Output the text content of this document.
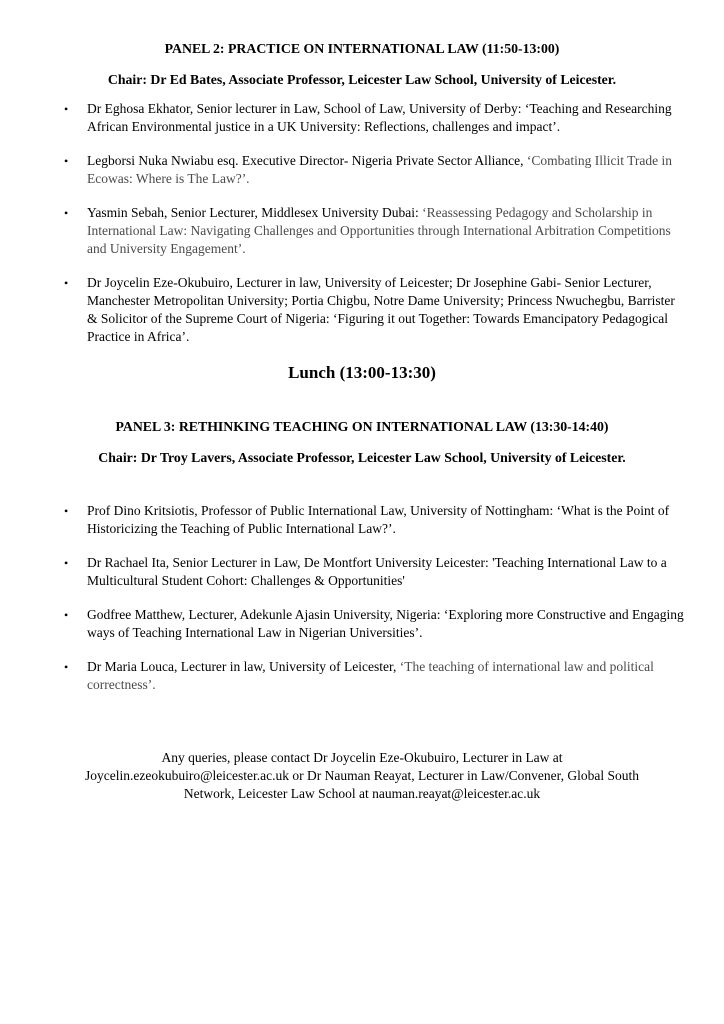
PANEL 2: PRACTICE ON INTERNATIONAL LAW (11:50-13:00)
Chair: Dr Ed Bates, Associate Professor, Leicester Law School, University of Leicester.
•	Dr Eghosa Ekhator, Senior lecturer in Law, School of Law, University of Derby: ‘Teaching and Researching African Environmental justice in a UK University: Reflections, challenges and impact’.
•	Legborsi Nuka Nwiabu esq. Executive Director- Nigeria Private Sector Alliance, ‘Combating Illicit Trade in Ecowas: Where is The Law?’.
•	Yasmin Sebah, Senior Lecturer, Middlesex University Dubai: ‘Reassessing Pedagogy and Scholarship in International Law: Navigating Challenges and Opportunities through International Arbitration Competitions and University Engagement’.
•	Dr Joycelin Eze-Okubuiro, Lecturer in law, University of Leicester; Dr Josephine Gabi- Senior Lecturer, Manchester Metropolitan University; Portia Chigbu, Notre Dame University; Princess Nwuchegbu, Barrister & Solicitor of the Supreme Court of Nigeria: ‘Figuring it out Together: Towards Emancipatory Pedagogical Practice in Africa’.
Lunch (13:00-13:30)
PANEL 3: RETHINKING TEACHING ON INTERNATIONAL LAW (13:30-14:40)
Chair: Dr Troy Lavers, Associate Professor, Leicester Law School, University of Leicester.
•	Prof Dino Kritsiotis, Professor of Public International Law, University of Nottingham: ‘What is the Point of Historicizing the Teaching of Public International Law?’.
•	Dr Rachael Ita, Senior Lecturer in Law, De Montfort University Leicester: 'Teaching International Law to a Multicultural Student Cohort: Challenges & Opportunities'
•	Godfree Matthew, Lecturer, Adekunle Ajasin University, Nigeria: ‘Exploring more Constructive and Engaging ways of Teaching International Law in Nigerian Universities’.
•	Dr Maria Louca, Lecturer in law, University of Leicester, ‘The teaching of international law and political correctness’.
Any queries, please contact Dr Joycelin Eze-Okubuiro, Lecturer in Law at
Joycelin.ezeokubuiro@leicester.ac.uk or Dr Nauman Reayat, Lecturer in Law/Convener, Global South
Network, Leicester Law School at nauman.reayat@leicester.ac.uk
